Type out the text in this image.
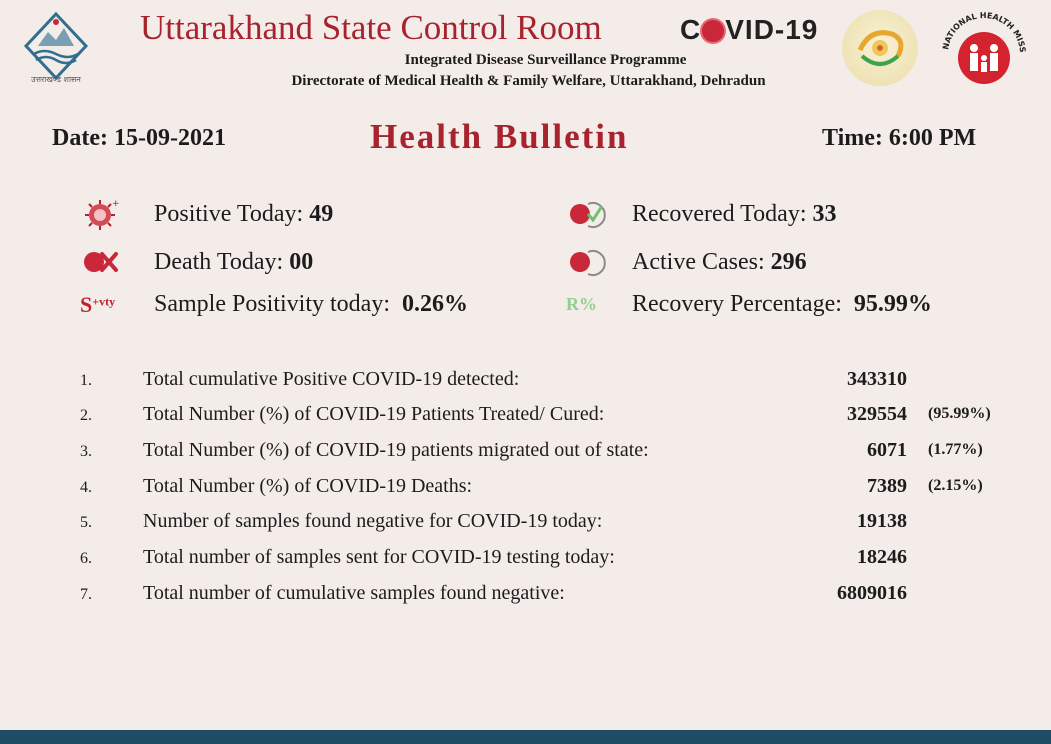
उत्तराखण्ड शासन
Uttarakhand State Control Room	C VID-19
Integrated Disease Surveillance Programme
Directorate of Medical Health & Family Welfare, Uttarakhand, Dehradun
NATIONAL HEALTH MISS
Date: 15-09-2021	Health Bulletin	Time: 6:00 PM
+ Positive Today: 49
Death Today: 00
$S^{+vty}$ Sample Positivity today:  0.26%
Recovered Today: 33
Active Cases: 296
R% Recovery Percentage:  95.99%
1.	Total cumulative Positive COVID-19 detected:	343310
2.	Total Number (%) of COVID-19 Patients Treated/ Cured:	329554 (95.99%)
3.	Total Number (%) of COVID-19 patients migrated out of state:	6071 (1.77%)
4.	Total Number (%) of COVID-19 Deaths:	7389 (2.15%)
5.	Number of samples found negative for COVID-19 today:	19138
6.	Total number of samples sent for COVID-19 testing today:	18246
7.	Total number of cumulative samples found negative:	6809016
